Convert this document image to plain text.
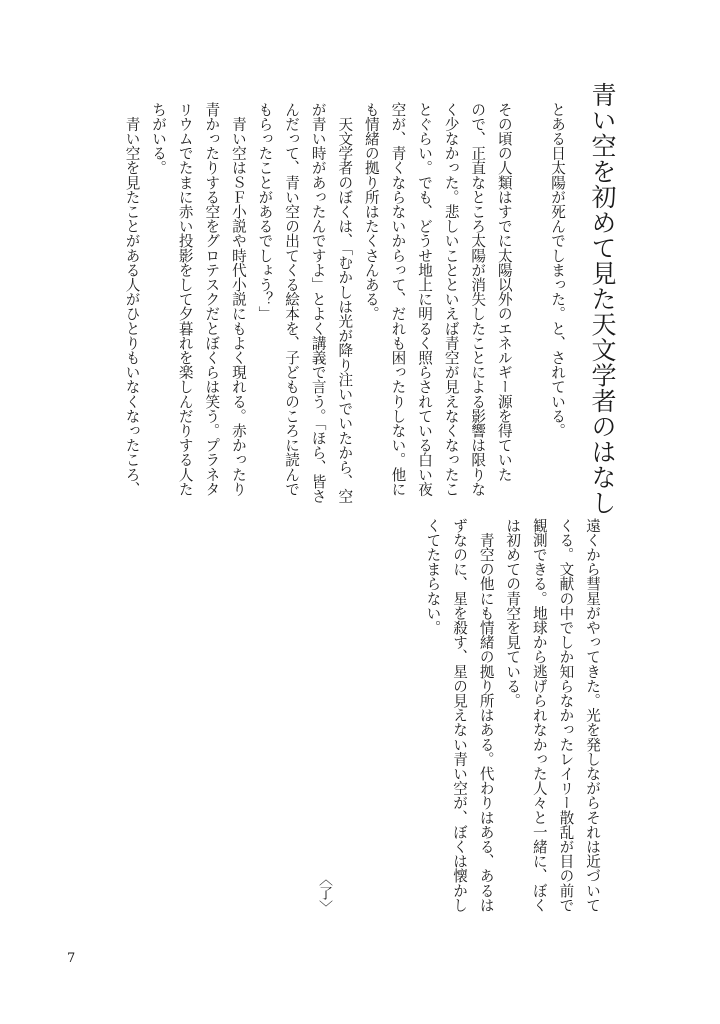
青い空を初めて見た天文学者のはなし

とある日太陽が死んでしまった。と、されている。

その頃の人類はすでに太陽以外のエネルギー源を得ていた
ので、正直なところ太陽が消失したことによる影響は限りな
く少なかった。悲しいことといえば青空が見えなくなったこ
とぐらい。でも、どうせ地上に明るく照らされている白い夜
空が、青くならないからって、だれも困ったりしない。他に
も情緒の拠り所はたくさんある。
　天文学者のぼくは、「むかしは光が降り注いでいたから、空
が青い時があったんですよ」とよく講義で言う。「ほら、皆さ
んだって、青い空の出てくる絵本を、子どものころに読んで
もらったことがあるでしょう？」
　青い空はＳＦ小説や時代小説にもよく現れる。赤かったり
青かったりする空をグロテスクだとぼくらは笑う。プラネタ
リウムでたまに赤い投影をして夕暮れを楽しんだりする人た
ちがいる。
　青い空を見たことがある人がひとりもいなくなったころ、

遠くから彗星がやってきた。光を発しながらそれは近づいて
くる。文献の中でしか知らなかったレイリー散乱が目の前で
観測できる。地球から逃げられなかった人々と一緒に、ぼく
は初めての青空を見ている。
　青空の他にも情緒の拠り所はある。代わりはある、あるは
ずなのに、星を殺す、星の見えない青い空が、ぼくは懐かし
くてたまらない。

〈了〉
7
